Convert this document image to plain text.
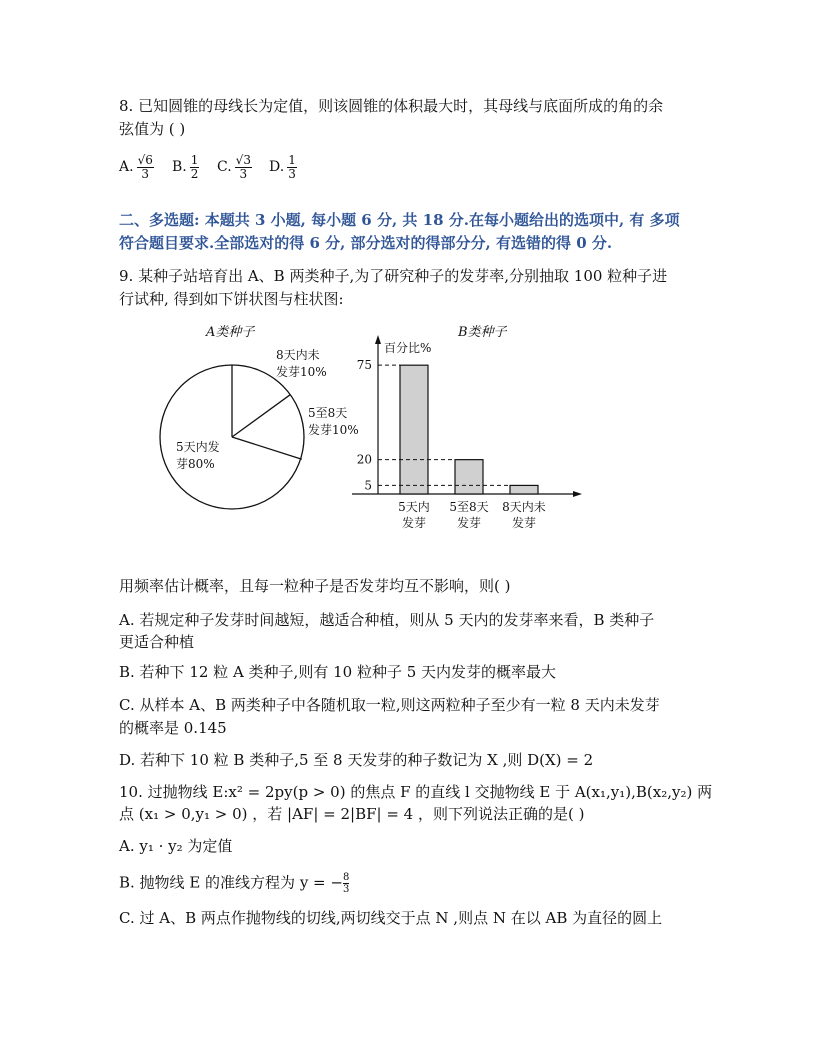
8. 已知圆锥的母线长为定值，则该圆锥的体积最大时，其母线与底面所成的角的余
弦值为 ( )
A. $\frac{√6}{3} B$. $\frac{1}{2} C$. $\frac{√3}{3} D$. $\frac{1}{3}$
二、多选题: 本题共 3 小题, 每小题 6 分, 共 18 分.在每小题给出的选项中, 有 多项
符合题目要求.全部选对的得 6 分, 部分选对的得部分分, 有选错的得 0 分.
9. 某种子站培育出 A、B 两类种子,为了研究种子的发芽率,分别抽取 100 粒种子进
行试种, 得到如下饼状图与柱状图:
A类种子
8天内未
发芽10%
5至8天
发芽10%
5天内发
芽80%
B类种子
百分比%
5天内
发芽
5至8天
发芽
8天内未
发芽
5
20
75
用频率估计概率，且每一粒种子是否发芽均互不影响，则( )
A. 若规定种子发芽时间越短，越适合种植，则从 5 天内的发芽率来看，B 类种子
更适合种植
B. 若种下 12 粒 A 类种子,则有 10 粒种子 5 天内发芽的概率最大
C. 从样本 A、B 两类种子中各随机取一粒,则这两粒种子至少有一粒 8 天内未发芽
的概率是 0.145
D. 若种下 10 粒 B 类种子,5 至 8 天发芽的种子数记为 X ,则 D(X) = 2
10. 过抛物线 E:x² = 2py(p > 0) 的焦点 F 的直线 l 交抛物线 E 于 A(x₁,y₁),B(x₂,y₂) 两
点 (x₁ > 0,y₁ > 0) ，若 |AF| = 2|BF| = 4 ，则下列说法正确的是( )
A. y₁ · y₂ 为定值
B. 抛物线 E 的准线方程为 y = − $\frac{8}{3}$
C. 过 A、B 两点作抛物线的切线,两切线交于点 N ,则点 N 在以 AB 为直径的圆上
